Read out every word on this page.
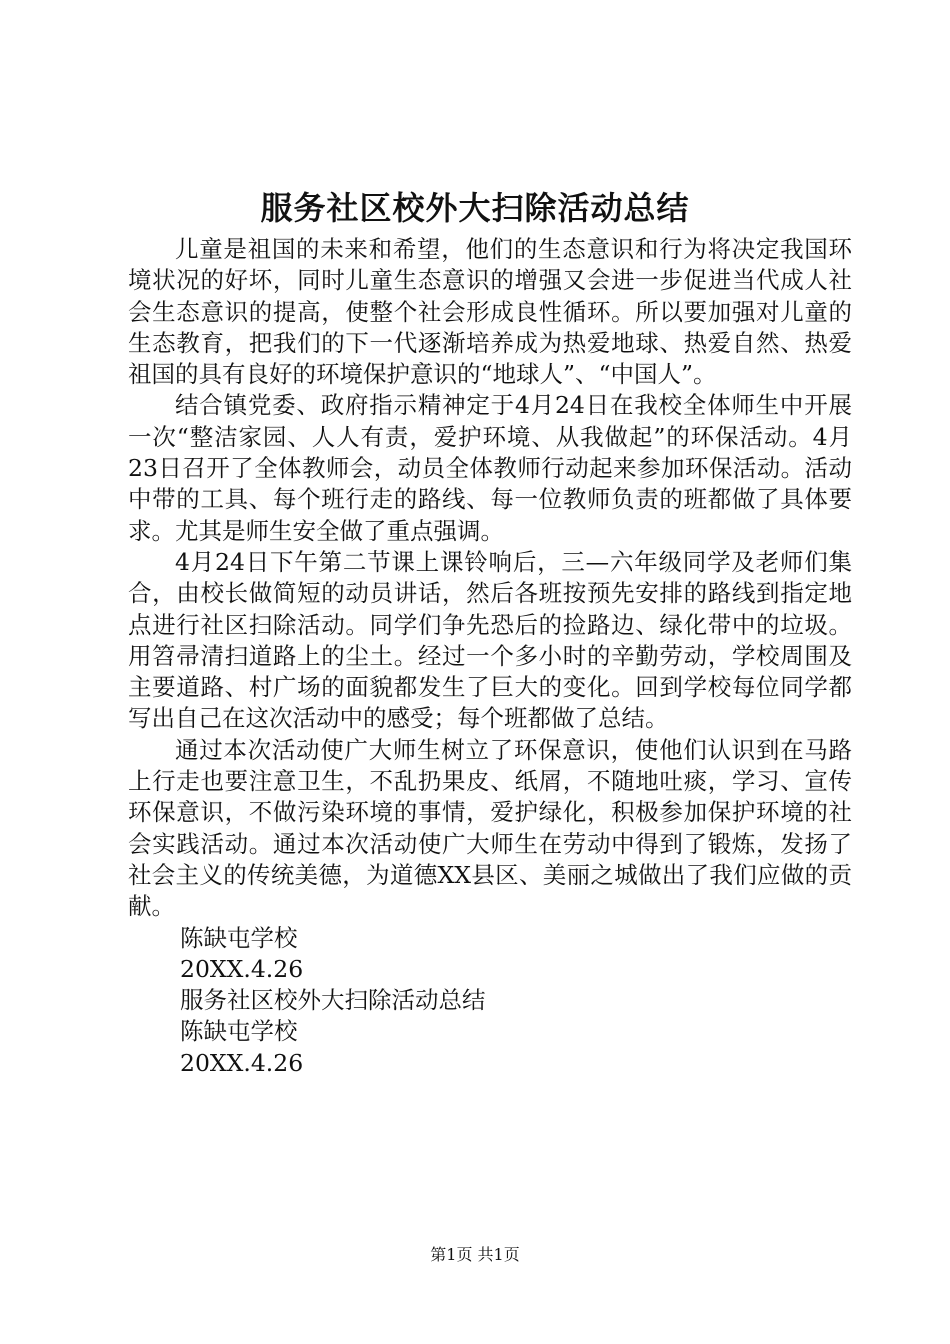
服务社区校外大扫除活动总结

儿童是祖国的未来和希望，他们的生态意识和行为将决定我国环境状况的好坏，同时儿童生态意识的增强又会进一步促进当代成人社会生态意识的提高，使整个社会形成良性循环。所以要加强对儿童的生态教育，把我们的下一代逐渐培养成为热爱地球、热爱自然、热爱祖国的具有良好的环境保护意识的“地球人”、“中国人”。

结合镇党委、政府指示精神定于4月24日在我校全体师生中开展一次“整洁家园、人人有责，爱护环境、从我做起”的环保活动。4月23日召开了全体教师会，动员全体教师行动起来参加环保活动。活动中带的工具、每个班行走的路线、每一位教师负责的班都做了具体要求。尤其是师生安全做了重点强调。

4月24日下午第二节课上课铃响后，三—六年级同学及老师们集合，由校长做简短的动员讲话，然后各班按预先安排的路线到指定地点进行社区扫除活动。同学们争先恐后的捡路边、绿化带中的垃圾。用笤帚清扫道路上的尘土。经过一个多小时的辛勤劳动，学校周围及主要道路、村广场的面貌都发生了巨大的变化。回到学校每位同学都写出自己在这次活动中的感受；每个班都做了总结。

通过本次活动使广大师生树立了环保意识，使他们认识到在马路上行走也要注意卫生，不乱扔果皮、纸屑，不随地吐痰，学习、宣传环保意识，不做污染环境的事情，爱护绿化，积极参加保护环境的社会实践活动。通过本次活动使广大师生在劳动中得到了锻炼，发扬了社会主义的传统美德，为道德XX县区、美丽之城做出了我们应做的贡献。

陈缺屯学校

20XX.4.26

服务社区校外大扫除活动总结

陈缺屯学校

20XX.4.26

第1页 共1页
